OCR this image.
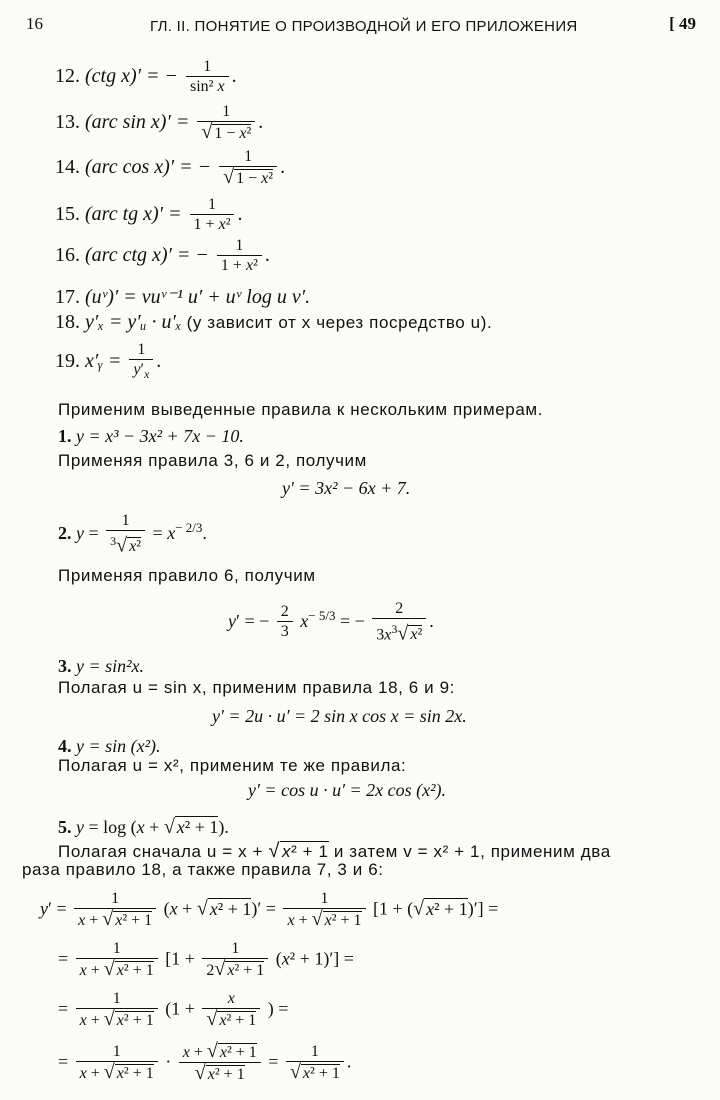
16	ГЛ. II. ПОНЯТИЕ О ПРОИЗВОДНОЙ И ЕГО ПРИЛОЖЕНИЯ	[ 49
12. (ctg x)′ = − $\frac{1}{\text{sin² x}}$ .
13. (arc $\sin x)' = \frac{1}{\text{√ 1 − x²}}$ .
14. (arc cos x)′ = − $\frac{1}{\text{√ 1 − x²}}$ .
15. (arc tg $x)' = \frac{1}{\text{1 + x²}}$ .
16. (arc ctg x)′ = − $\frac{1}{\text{1 + x²}}$ .
17. (uᵛ)′ = vuᵛ⁻¹ u′ + uᵛ log u v′.
18. y′ₓ = y′ᵤ · u′ₓ (y зависит от x через посредство u).
19. x′ᵧ = $\frac{1}{y'_x}$ .
Применим выведенные правила к нескольким примерам.
1. y = x³ − 3x² + 7x − 10.
Применяя правила 3, 6 и 2, получим
y′ = 3x² − 6x + 7.
2. $y = \frac{1}{^3√ x^2} = x^{- 2/3}$.
Применяя правило 6, получим
y′ = − $\frac{2}{3} x^{- 5/3}$ = − $\frac{2}{3x^3√ x^2}$ .
3. y = sin²x.
Полагая u = sin x, применим правила 18, 6 и 9:
y′ = 2u · u′ = 2 sin x cos x = sin 2x.
4. y = sin (x²).
Полагая u = x², применим те же правила:
y′ = cos u · u′ = 2x cos (x²).
5. y = log (x + √ x² + 1).
Полагая сначала u = x + √ x² + 1 и затем v = x² + 1, применим два
раза правило 18, а также правила 7, 3 и 6:
$y' = \frac{1}{\text{x + √ x² + 1}} (x$ + √ $x^2 + 1)' = \frac{1}{\text{x + √ x² + 1}} [1$ + (√ x² + 1)′] =
= $\frac{1}{\text{x + √ x² + 1}} [1 + \frac{1}{\text{2√ x² + 1}} (x^2 + 1)']$ =
= $\frac{1}{\text{x + √ x² + 1}} (1 + \frac{x}{\text{√ x² + 1}}$ ) =
= $\frac{1}{\text{x + √ x² + 1}} \cdot \frac{\text{x + √ x² + 1}}{\text{√ x² + 1}} = \frac{1}{\text{√ x² + 1}}$ .
